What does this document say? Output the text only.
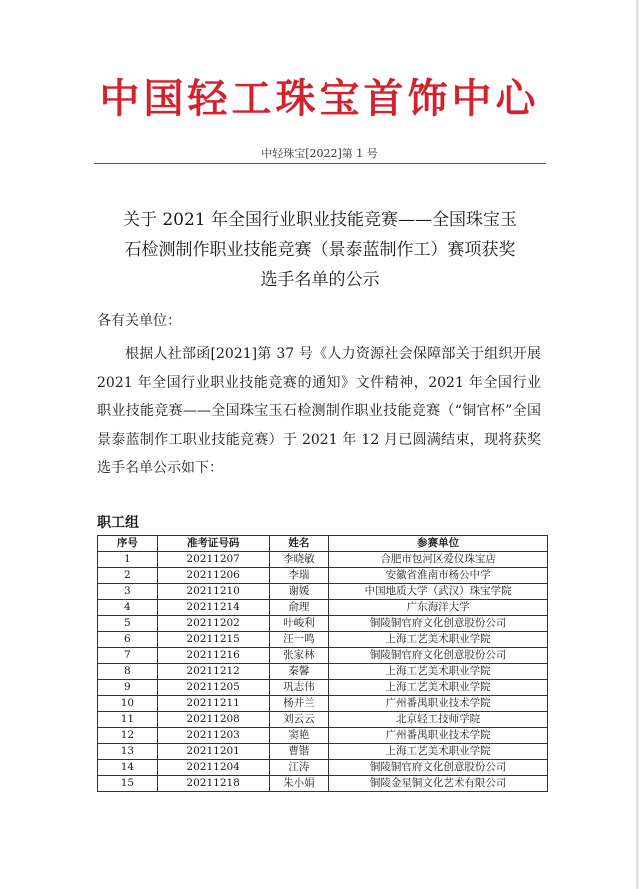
中国轻工珠宝首饰中心
中轻珠宝[2022]第 1 号
关于 2021 年全国行业职业技能竞赛——全国珠宝玉
石检测制作职业技能竞赛（景泰蓝制作工）赛项获奖
选手名单的公示
各有关单位：
根据人社部函[2021]第 37 号《人力资源社会保障部关于组织开展 2021 年全国行业职业技能竞赛的通知》文件精神，2021 年全国行业职业技能竞赛——全国珠宝玉石检测制作职业技能竞赛（“铜官杯”全国景泰蓝制作工职业技能竞赛）于 2021 年 12 月已圆满结束，现将获奖选手名单公示如下：
职工组
序号	准考证号码	姓名	参赛单位
1	20211207	李晓敏	合肥市包河区爱仪珠宝店
2	20211206	李瑞	安徽省淮南市杨公中学
3	20211210	谢媛	中国地质大学（武汉）珠宝学院
4	20211214	俞理	广东海洋大学
5	20211202	叶峻利	铜陵铜官府文化创意股份公司
6	20211215	汪一鸣	上海工艺美术职业学院
7	20211216	张家林	铜陵铜官府文化创意股份公司
8	20211212	秦馨	上海工艺美术职业学院
9	20211205	巩志伟	上海工艺美术职业学院
10	20211211	杨井兰	广州番禺职业技术学院
11	20211208	刘云云	北京轻工技师学院
12	20211203	窦艳	广州番禺职业技术学院
13	20211201	曹锴	上海工艺美术职业学院
14	20211204	江涛	铜陵铜官府文化创意股份公司
15	20211218	朱小娟	铜陵金星铜文化艺术有限公司
